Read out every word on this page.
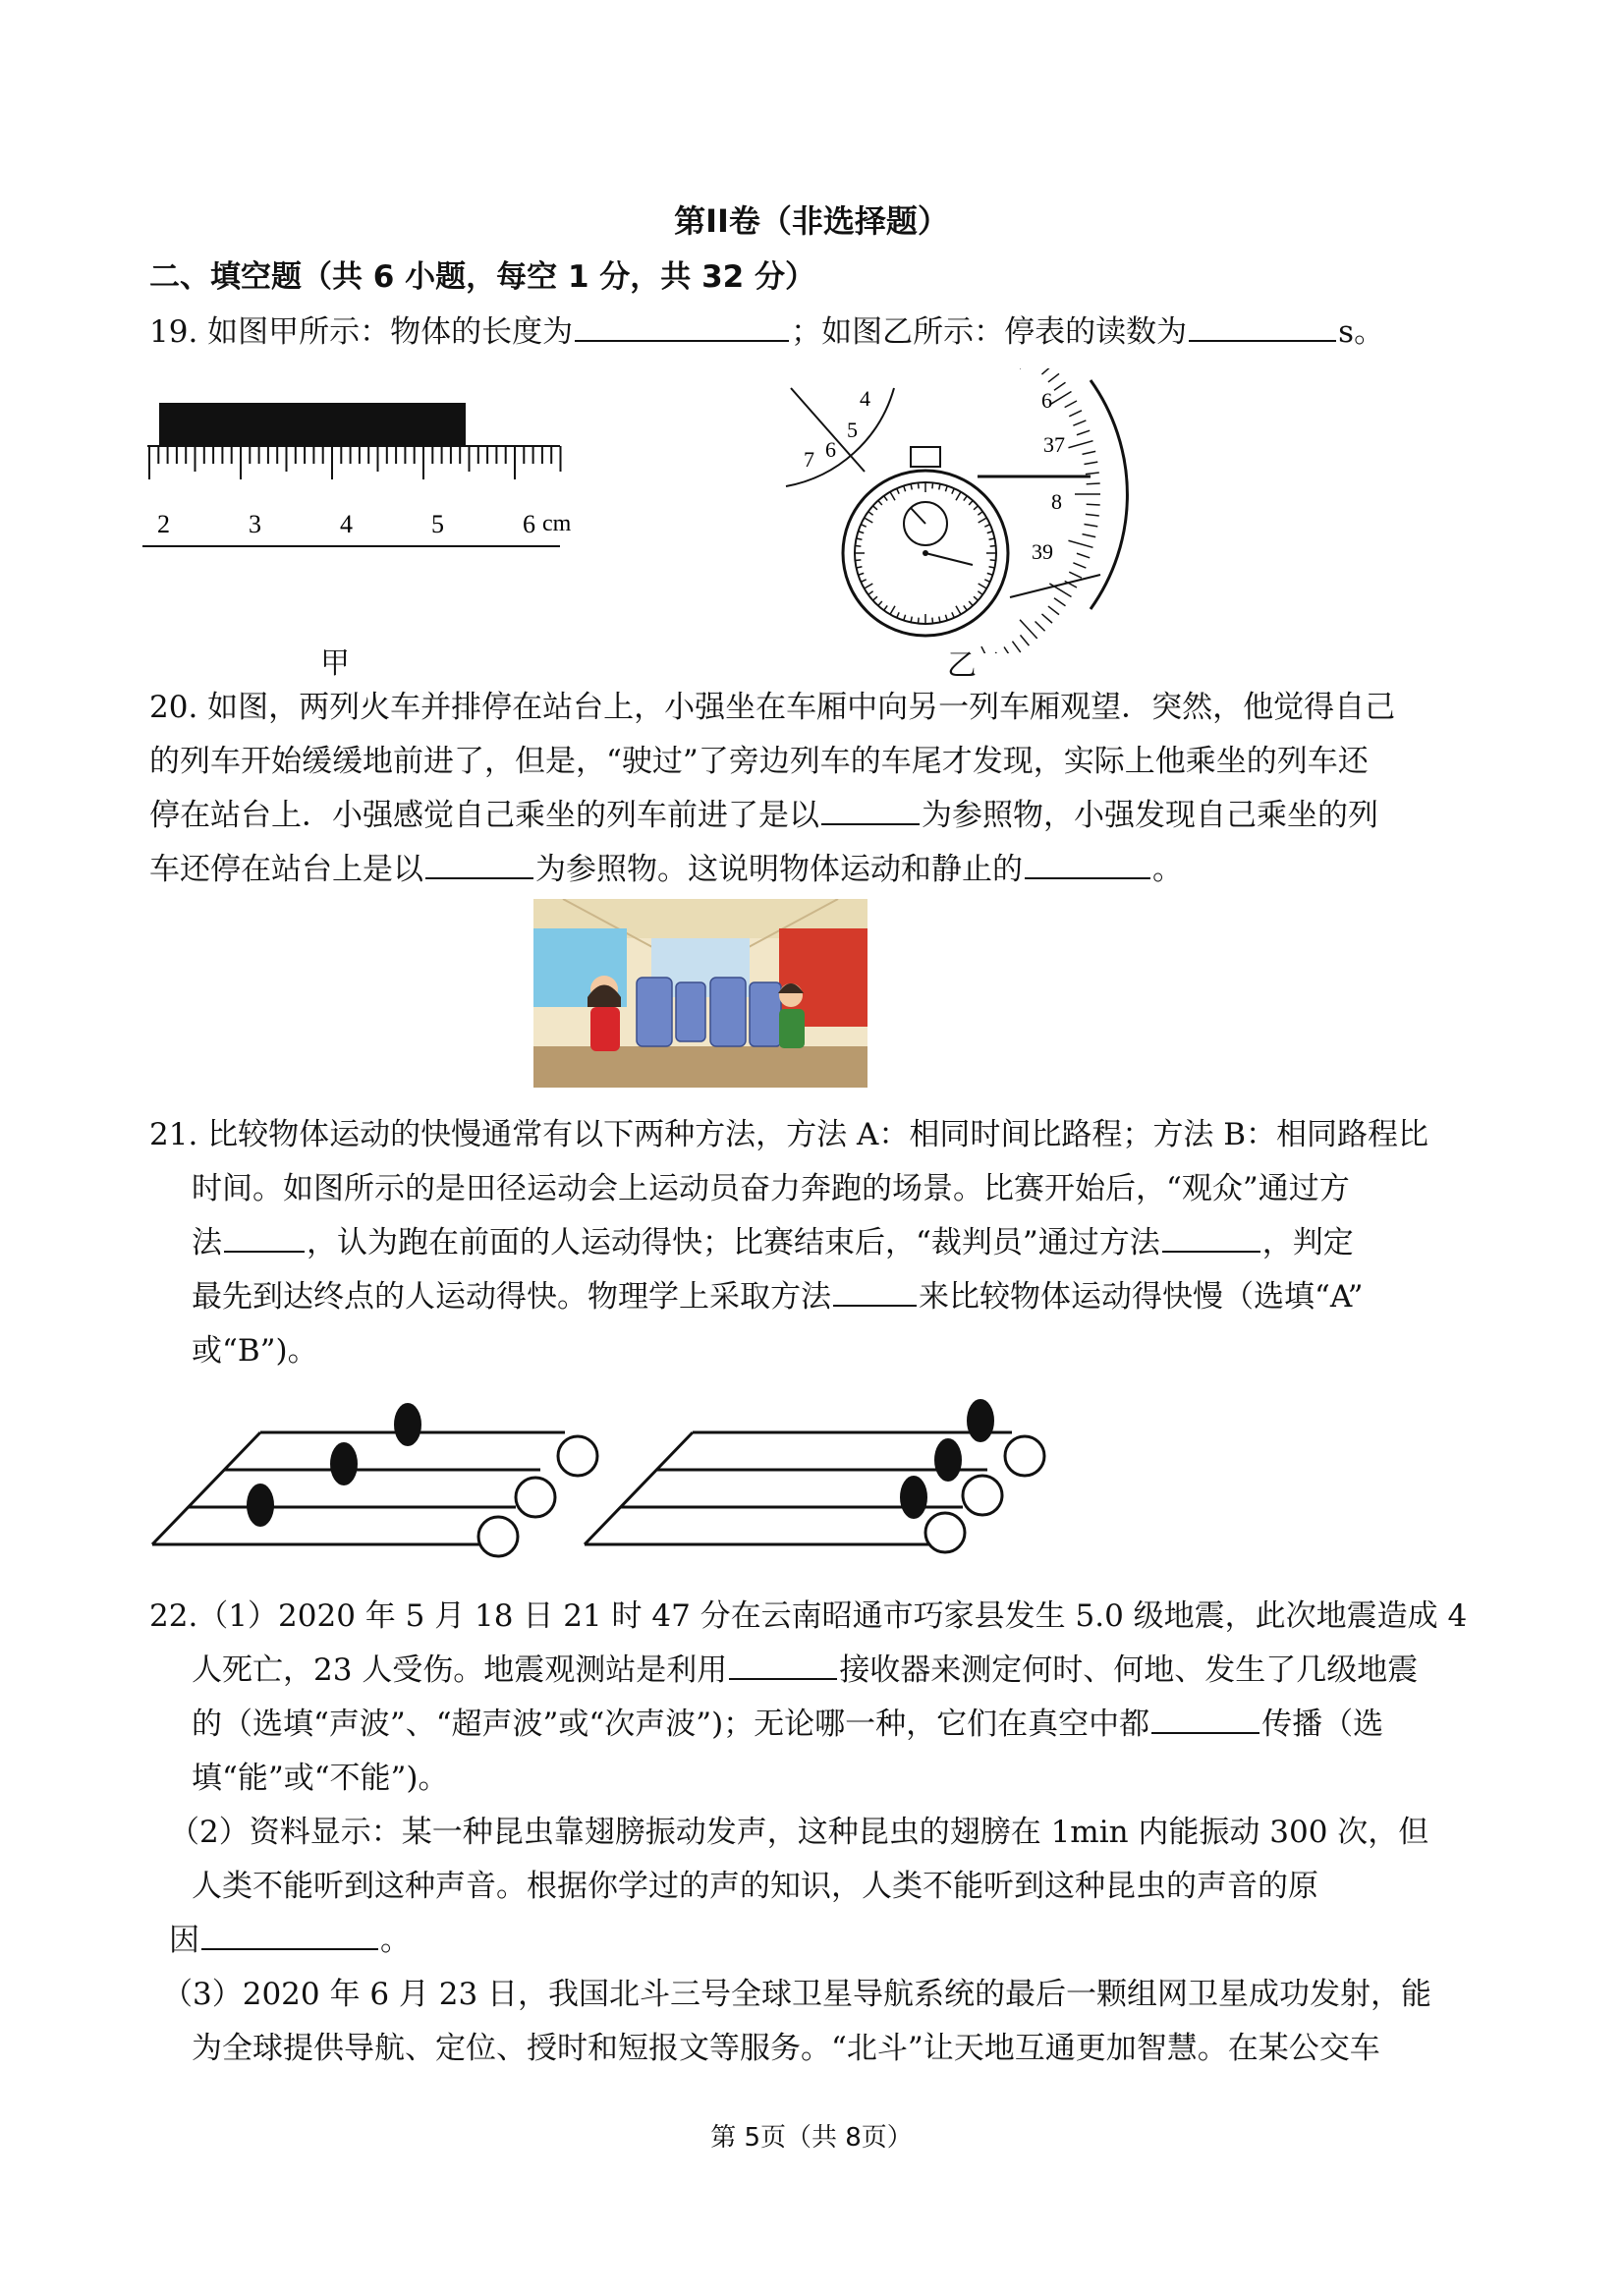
第II卷（非选择题）
二、填空题（共 6 小题，每空 1 分，共 32 分）
19. 如图甲所示：物体的长度为	；如图乙所示：停表的读数为	s。
2	3	4	5	6 cm
甲
4
5
6
7
6
37
8
39
乙
20. 如图，两列火车并排停在站台上，小强坐在车厢中向另一列车厢观望．突然，他觉得自己
的列车开始缓缓地前进了，但是，“驶过”了旁边列车的车尾才发现，实际上他乘坐的列车还
停在站台上．小强感觉自己乘坐的列车前进了是以	为参照物，小强发现自己乘坐的列
车还停在站台上是以	为参照物。这说明物体运动和静止的	。
21. 比较物体运动的快慢通常有以下两种方法，方法 A：相同时间比路程；方法 B：相同路程比
时间。如图所示的是田径运动会上运动员奋力奔跑的场景。比赛开始后，“观众”通过方
法	，认为跑在前面的人运动得快；比赛结束后，“裁判员”通过方法	，判定
最先到达终点的人运动得快。物理学上采取方法	来比较物体运动得快慢（选填“A”
或“B”)。
22.（1）2020 年 5 月 18 日 21 时 47 分在云南昭通市巧家县发生 5.0 级地震，此次地震造成 4
人死亡，23 人受伤。地震观测站是利用	接收器来测定何时、何地、发生了几级地震
的（选填“声波”、“超声波”或“次声波”)；无论哪一种，它们在真空中都	传播（选
填“能”或“不能”)。
（2）资料显示：某一种昆虫靠翅膀振动发声，这种昆虫的翅膀在 1min 内能振动 300 次，但
人类不能听到这种声音。根据你学过的声的知识，人类不能听到这种昆虫的声音的原
因	。
（3）2020 年 6 月 23 日，我国北斗三号全球卫星导航系统的最后一颗组网卫星成功发射，能
为全球提供导航、定位、授时和短报文等服务。“北斗”让天地互通更加智慧。在某公交车
第 5页（共 8页）
